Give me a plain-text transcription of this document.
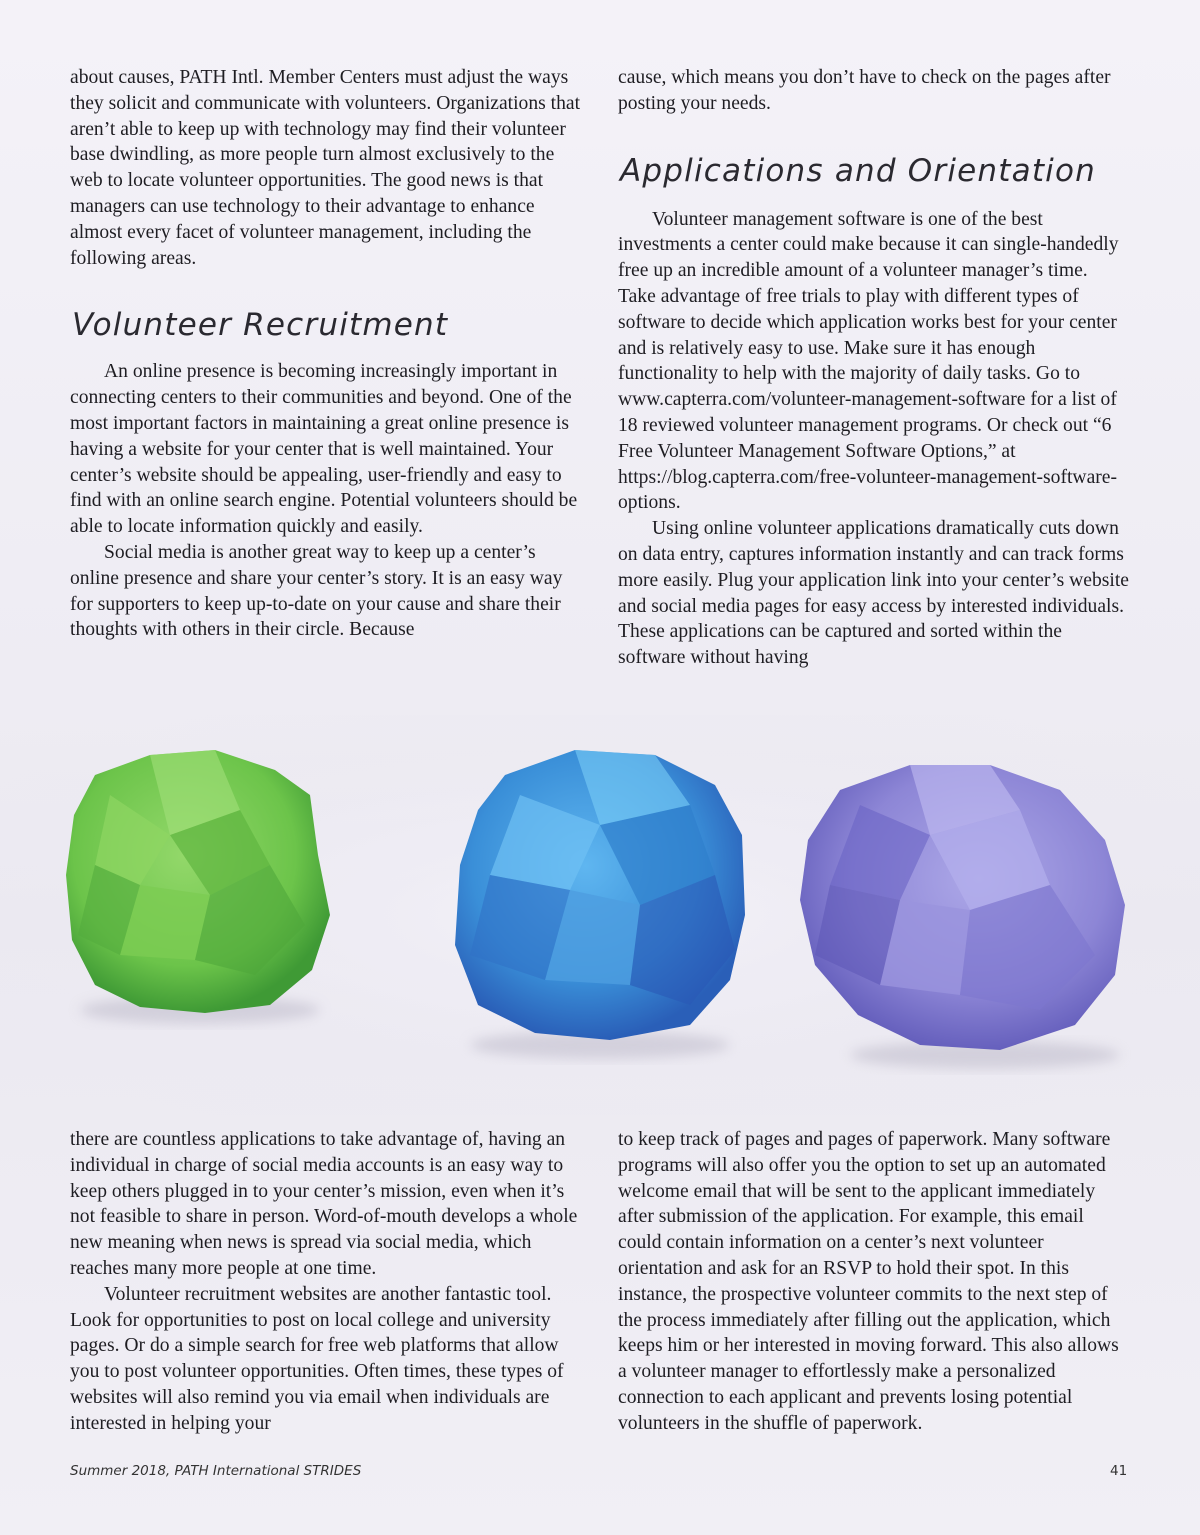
about causes, PATH Intl. Member Centers must adjust the ways they solicit and communicate with volunteers. Organizations that aren’t able to keep up with technology may find their volunteer base dwindling, as more people turn almost exclusively to the web to locate volunteer opportunities. The good news is that managers can use technology to their advantage to enhance almost every facet of volunteer management, including the following areas.

Volunteer Recruitment

An online presence is becoming increasingly important in connecting centers to their communities and beyond. One of the most important factors in maintaining a great online presence is having a website for your center that is well maintained. Your center’s website should be appealing, user-friendly and easy to find with an online search engine. Potential volunteers should be able to locate information quickly and easily.

Social media is another great way to keep up a center’s online presence and share your center’s story. It is an easy way for supporters to keep up-to-date on your cause and share their thoughts with others in their circle. Because

cause, which means you don’t have to check on the pages after posting your needs.

Applications and Orientation

Volunteer management software is one of the best investments a center could make because it can single-handedly free up an incredible amount of a volunteer manager’s time. Take advantage of free trials to play with different types of software to decide which application works best for your center and is relatively easy to use. Make sure it has enough functionality to help with the majority of daily tasks. Go to www.capterra.com/volunteer-management-software for a list of 18 reviewed volunteer management programs. Or check out “6 Free Volunteer Management Software Options,” at https://blog.capterra.com/free-volunteer-management-software-options.

Using online volunteer applications dramatically cuts down on data entry, captures information instantly and can track forms more easily. Plug your application link into your center’s website and social media pages for easy access by interested individuals. These applications can be captured and sorted within the software without having

there are countless applications to take advantage of, having an individual in charge of social media accounts is an easy way to keep others plugged in to your center’s mission, even when it’s not feasible to share in person. Word-of-mouth develops a whole new meaning when news is spread via social media, which reaches many more people at one time.

Volunteer recruitment websites are another fantastic tool. Look for opportunities to post on local college and university pages. Or do a simple search for free web platforms that allow you to post volunteer opportunities. Often times, these types of websites will also remind you via email when individuals are interested in helping your

to keep track of pages and pages of paperwork. Many software programs will also offer you the option to set up an automated welcome email that will be sent to the applicant immediately after submission of the application. For example, this email could contain information on a center’s next volunteer orientation and ask for an RSVP to hold their spot. In this instance, the prospective volunteer commits to the next step of the process immediately after filling out the application, which keeps him or her interested in moving forward. This also allows a volunteer manager to effortlessly make a personalized connection to each applicant and prevents losing potential volunteers in the shuffle of paperwork.

Summer 2018, PATH International STRIDES	41
